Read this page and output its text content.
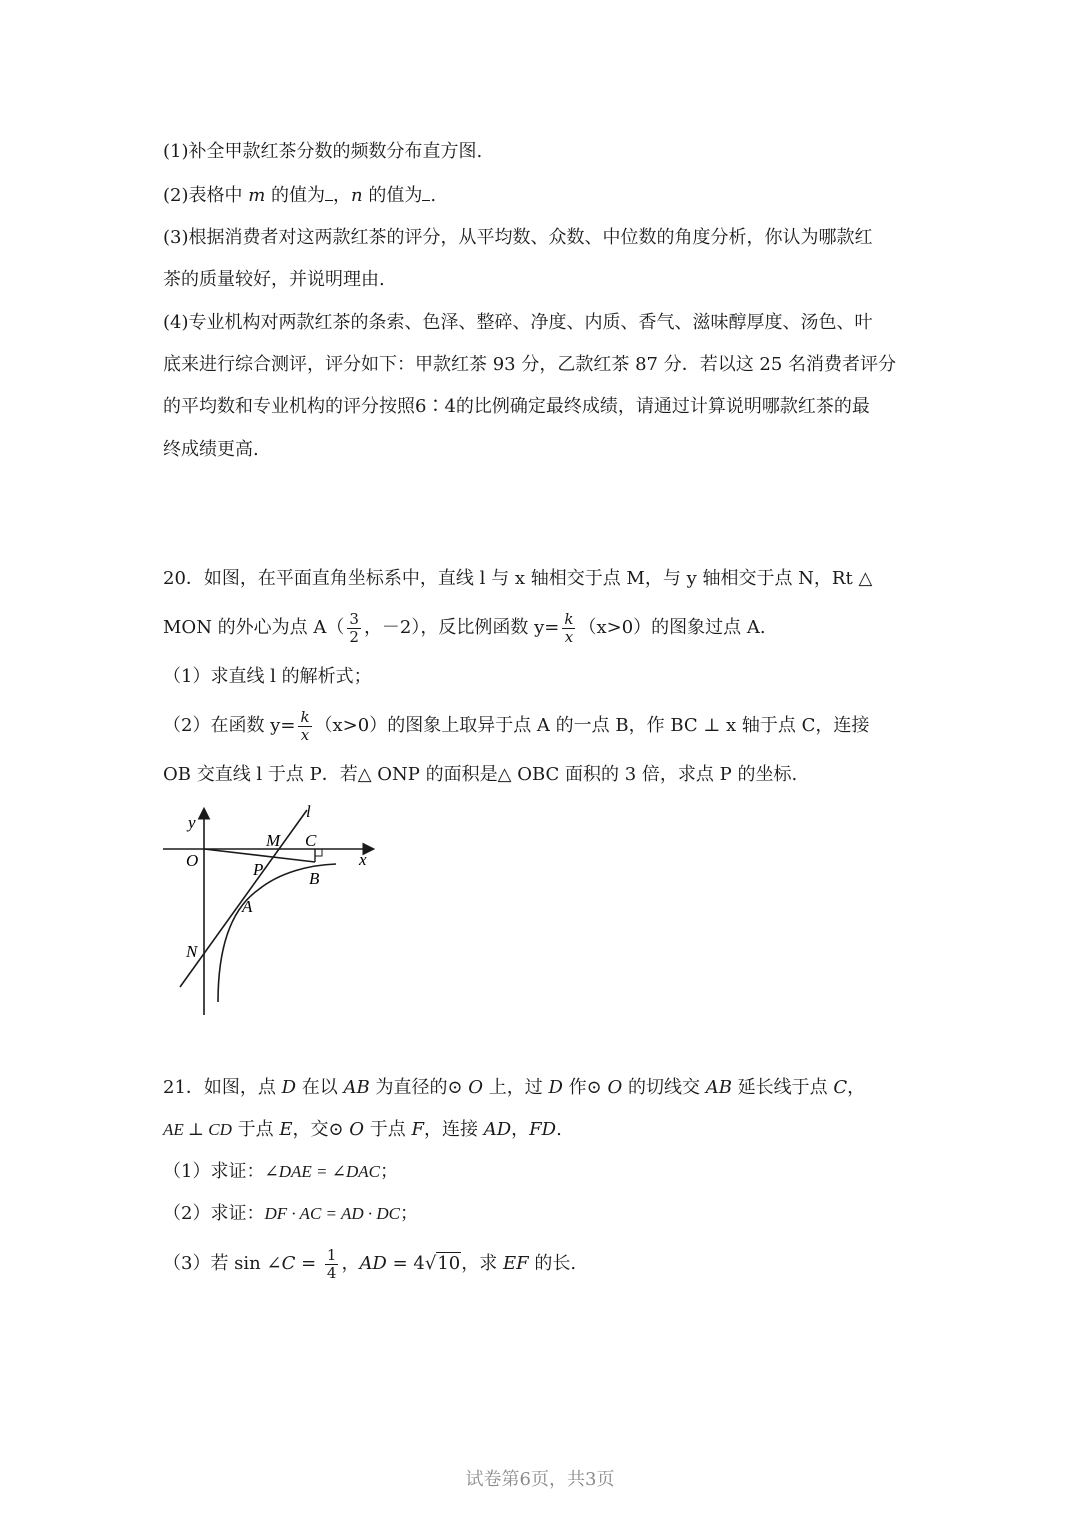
(1)补全甲款红茶分数的频数分布直方图.
(2)表格中 m 的值为 ，n 的值为 .
(3)根据消费者对这两款红茶的评分，从平均数、众数、中位数的角度分析，你认为哪款红
茶的质量较好，并说明理由.
(4)专业机构对两款红茶的条索、色泽、整碎、净度、内质、香气、滋味醇厚度、汤色、叶
底来进行综合测评，评分如下：甲款红茶 93 分，乙款红茶 87 分．若以这 25 名消费者评分
的平均数和专业机构的评分按照6∶4的比例确定最终成绩，请通过计算说明哪款红茶的最
终成绩更高.
20．如图，在平面直角坐标系中，直线 l 与 x 轴相交于点 M，与 y 轴相交于点 N，Rt △
MON 的外心为点 $A( \frac{3}{2}$ ，－2），反比例函数 $y= \frac{k}{x} (x>0)$的图象过点 A.
（1）求直线 l 的解析式；
（2）在函数 $y= \frac{k}{x} (x>0)$的图象上取异于点 A 的一点 B，作 BC ⊥ x 轴于点 C，连接
OB 交直线 l 于点 P．若△ ONP 的面积是△ OBC 面积的 3 倍，求点 P 的坐标.
y
x
l
O
M C
P	B
A
N
21．如图，点 D 在以 AB 为直径的⊙ O 上，过 D 作⊙ O 的切线交 AB 延长线于点 C，
AE ⊥ CD 于点 E，交⊙ O 于点 F，连接 AD，FD.
（1）求证：∠DAE = ∠DAC；
（2）求证：DF · AC = AD · DC；
（3）若 sin ∠C = $\frac{1}{4}$ ，AD = 4√10，求 EF 的长.
试卷第6页，共3页
